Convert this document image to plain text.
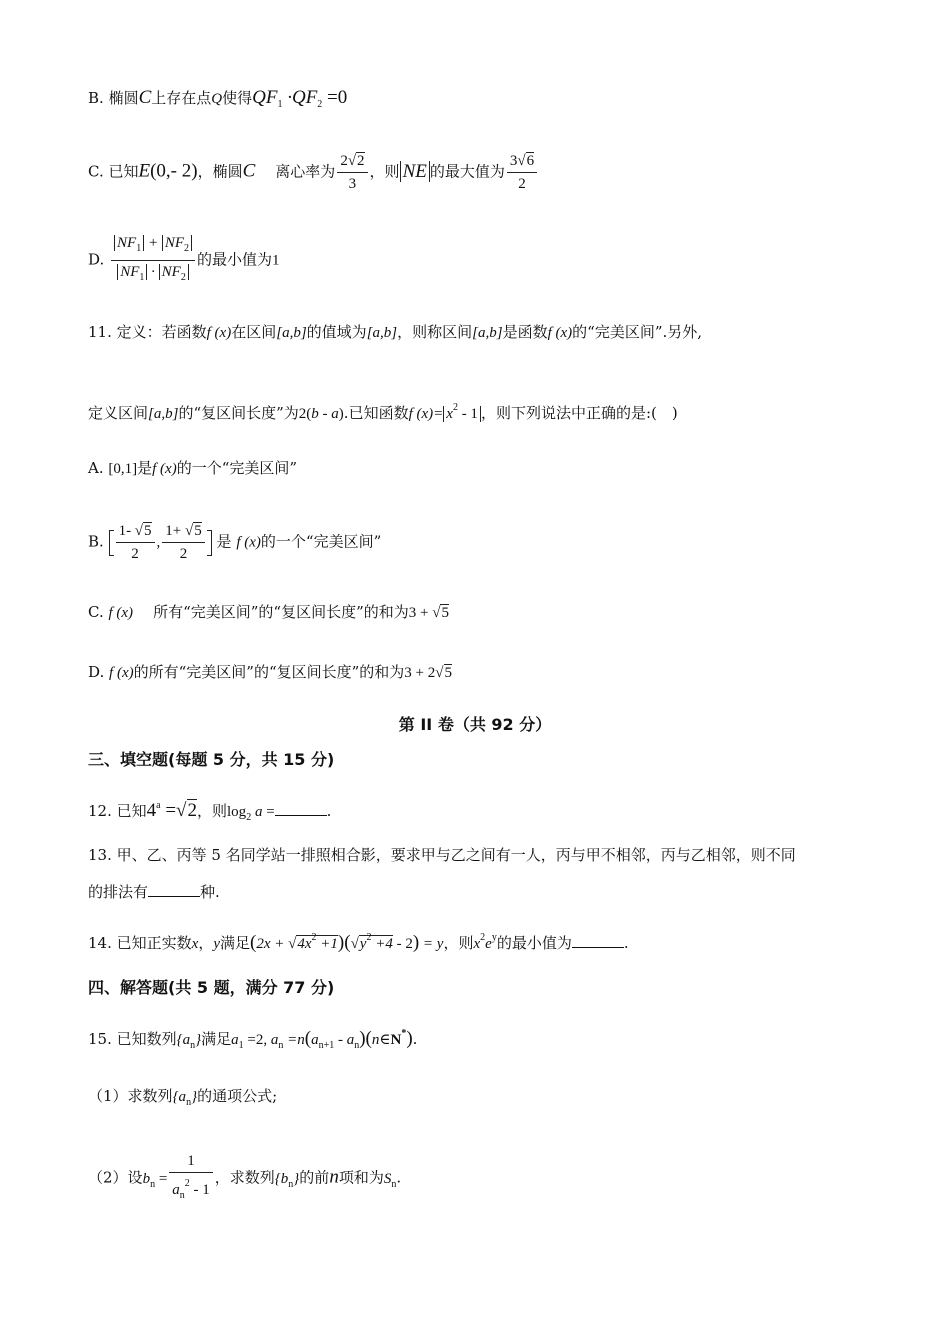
B. 椭圆C上存在点Q使得$QF_1 \cdot QF_2 =0$
C. 已知E(0,- 2)，椭圆C 离心率为 $\frac{2√2}{3}$ ，则 NE 的最大值为 $\frac{3√6}{2}$
D. $\frac{NF_1 + NF_2}{NF_1 \cdot NF_2}$ 的最小值为1
11. 定义：若函数f (x)在区间[a,b]的值域为[a,b]，则称区间[a,b]是函数f (x)的“完美区间”.另外,
定义区间[a,b]的“复区间长度”为2(b - a).已知函数f $(x)= x^2 - 1$ ，则下列说法中正确的是:(　)
A. [0,1]是f (x)的一个“完美区间”
B. $\frac{1- √5}{2}$ , $\frac{1+ √5}{2}$ 是 f (x)的一个“完美区间”
C. f (x) 所有“完美区间”的“复区间长度”的和为3 + √5
D. f (x)的所有“完美区间”的“复区间长度”的和为3 + 2√5
第 II 卷（共 92 分）
三、填空题(每题 5 分，共 15 分)
12. 已知$4^a =√2$，则$\log_2 a$ =	.
13. 甲、乙、丙等 5 名同学站一排照相合影，要求甲与乙之间有一人，丙与甲不相邻，丙与乙相邻，则不同
的排法有	种.
14. 已知正实数x，y满足$(2x + √4x^2 +1)(√y^2 +4 - 2) = y$，则$x^2e^y$的最小值为	.
四、解答题(共 5 题，满分 77 分)
15. 已知数列$\{a_n\}$满足$a_1 =2$, $a_n =n(a_{n+1}$ - $a_n)(n\in N^*)$.
（1）求数列$\{a_n\}$的通项公式;
（2）设$b_n = \frac{1}{a_n^2 - 1}$ ，求数列$\{b_n\}$的前n项和为$S_n$.
